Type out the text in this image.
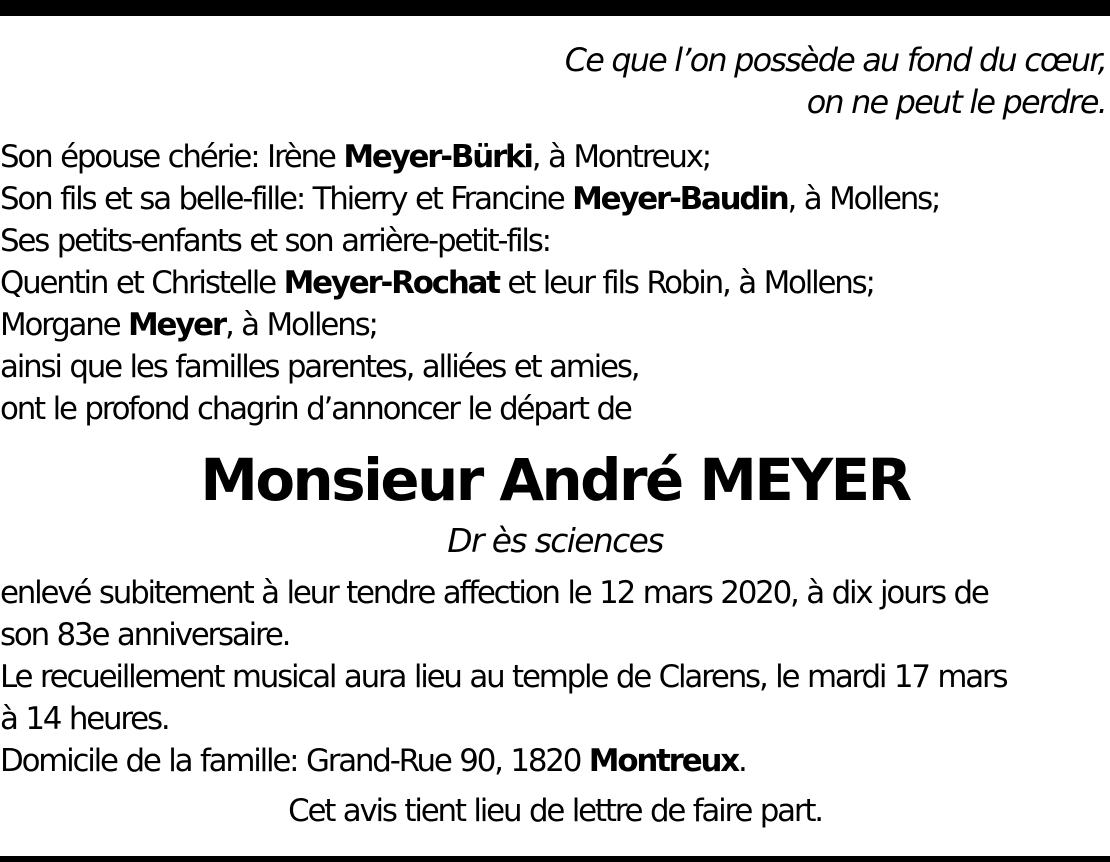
Ce que l’on possède au fond du cœur,
on ne peut le perdre.
Son épouse chérie: Irène Meyer-Bürki, à Montreux;
Son fils et sa belle-fille: Thierry et Francine Meyer-Baudin, à Mollens;
Ses petits-enfants et son arrière-petit-fils:
Quentin et Christelle Meyer-Rochat et leur fils Robin, à Mollens;
Morgane Meyer, à Mollens;
ainsi que les familles parentes, alliées et amies,
ont le profond chagrin d’annoncer le départ de
Monsieur André MEYER
Dr ès sciences
enlevé subitement à leur tendre affection le 12 mars 2020, à dix jours de
son 83e anniversaire.
Le recueillement musical aura lieu au temple de Clarens, le mardi 17 mars
à 14 heures.
Domicile de la famille: Grand-Rue 90, 1820 Montreux.
Cet avis tient lieu de lettre de faire part.
